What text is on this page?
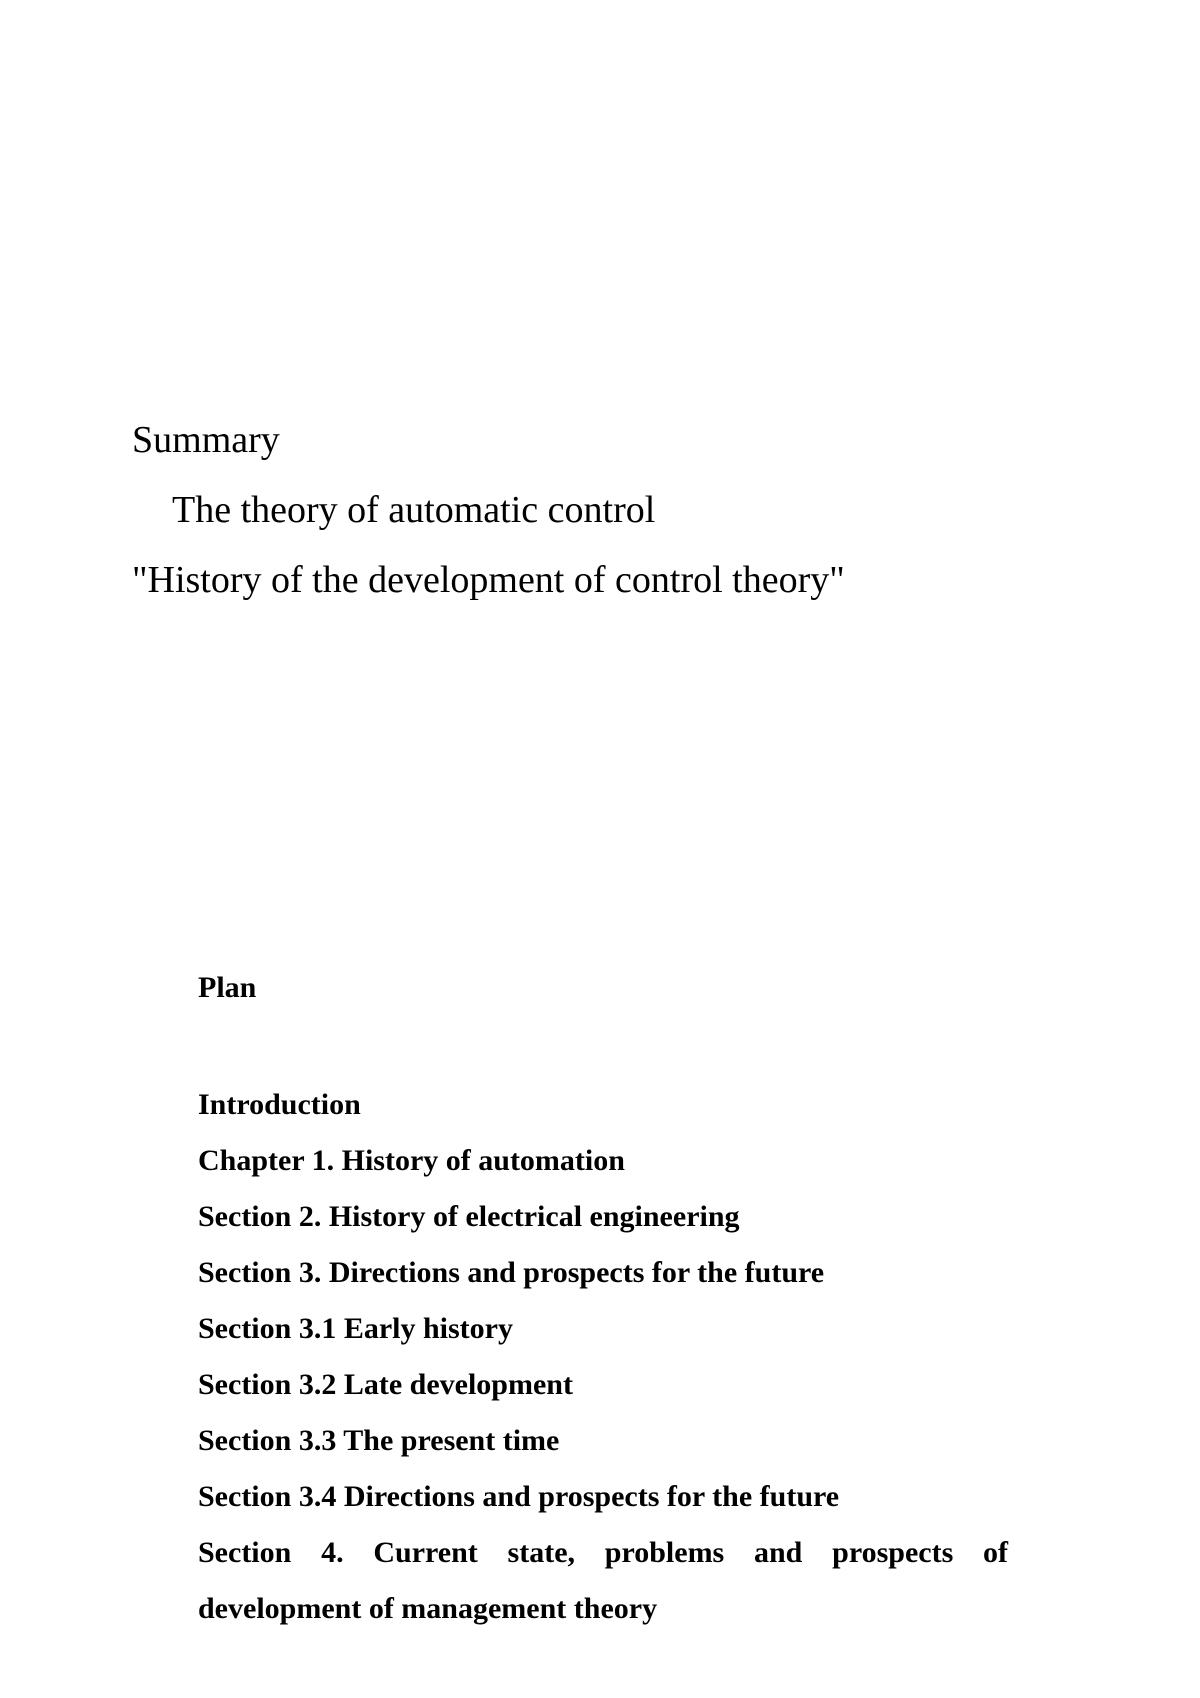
Summary
The theory of automatic control
"History of the development of control theory"
Plan
Introduction
Chapter 1. History of automation
Section 2. History of electrical engineering
Section 3. Directions and prospects for the future
Section 3.1 Early history
Section 3.2 Late development
Section 3.3 The present time
Section 3.4 Directions and prospects for the future
Section 4. Current state, problems and prospects of
development of management theory
